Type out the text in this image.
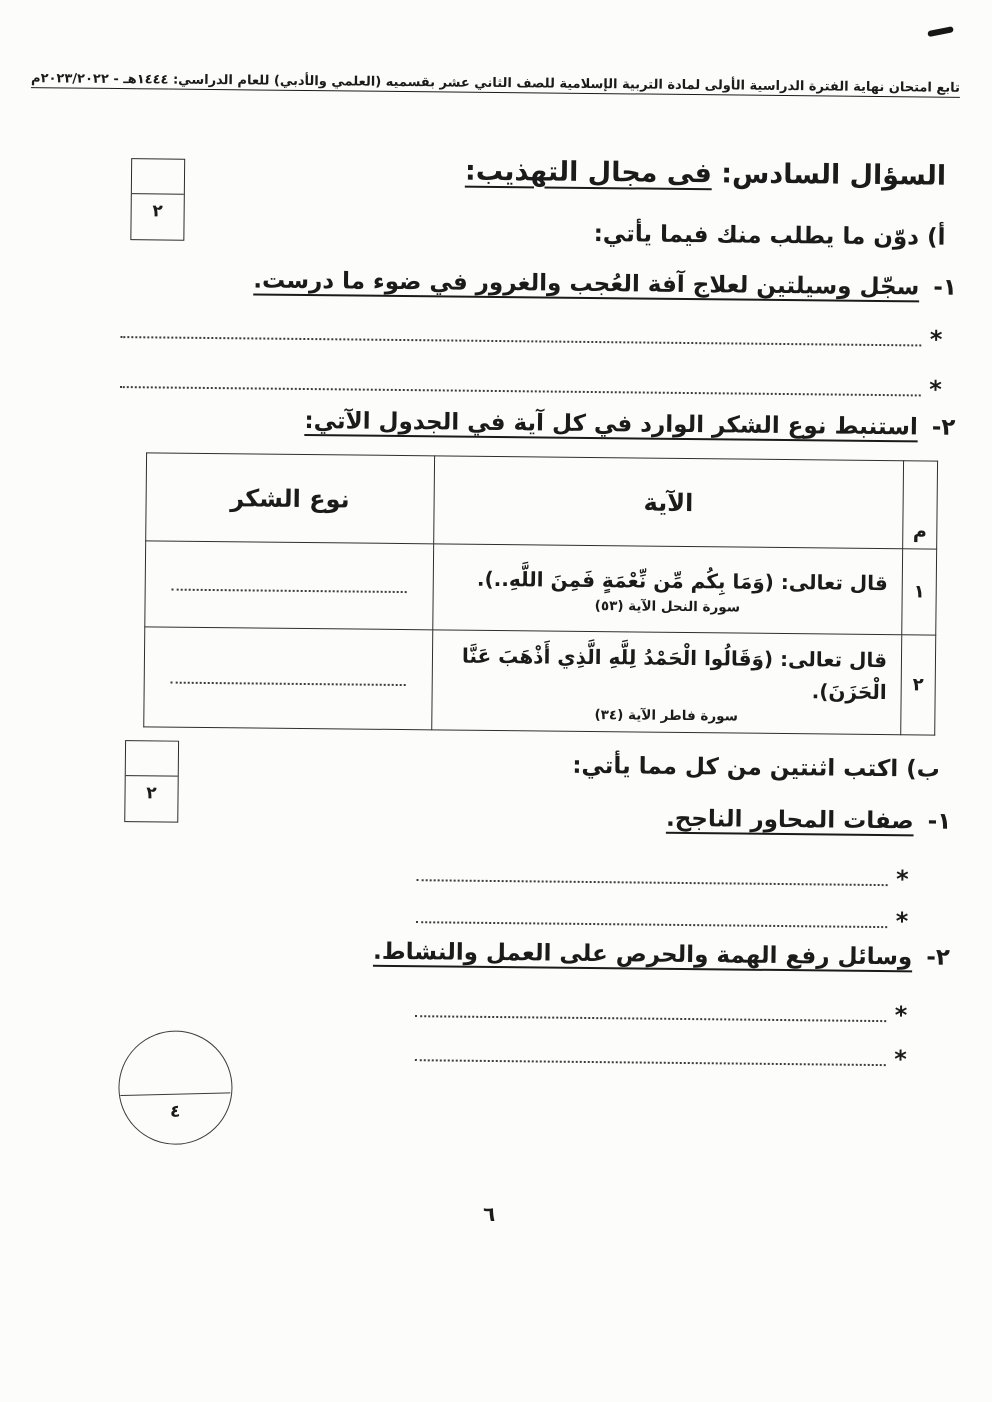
تابع امتحان نهاية الفترة الدراسية الأولى لمادة التربية الإسلامية للصف الثاني عشر بقسميه (العلمي والأدبي) للعام الدراسي: ١٤٤٤هـ - ٢٠٢٣/٢٠٢٢م
٢
السؤال السادس: فى مجال التهذيب:
أ) دوّن ما يطلب منك فيما يأتي:
١- سجّل وسيلتين لعلاج آفة العُجب والغرور في ضوء ما درست.
*
*
٢- استنبط نوع الشكر الوارد في كل آية في الجدول الآتي:
م	الآية	نوع الشكر
١	قال تعالى: (وَمَا بِكُم مِّن نِّعْمَةٍ فَمِنَ اللَّهِ..).
سورة النحل الآية (٥٣)	

٢	قال تعالى: (وَقَالُوا الْحَمْدُ لِلَّهِ الَّذِي أَذْهَبَ عَنَّا الْحَزَنَ).
سورة فاطر الآية (٣٤)	

٢
ب) اكتب اثنتين من كل مما يأتي:
١- صفات المحاور الناجح.
*
*
٢- وسائل رفع الهمة والحرص على العمل والنشاط.
*
*
٤
٦
